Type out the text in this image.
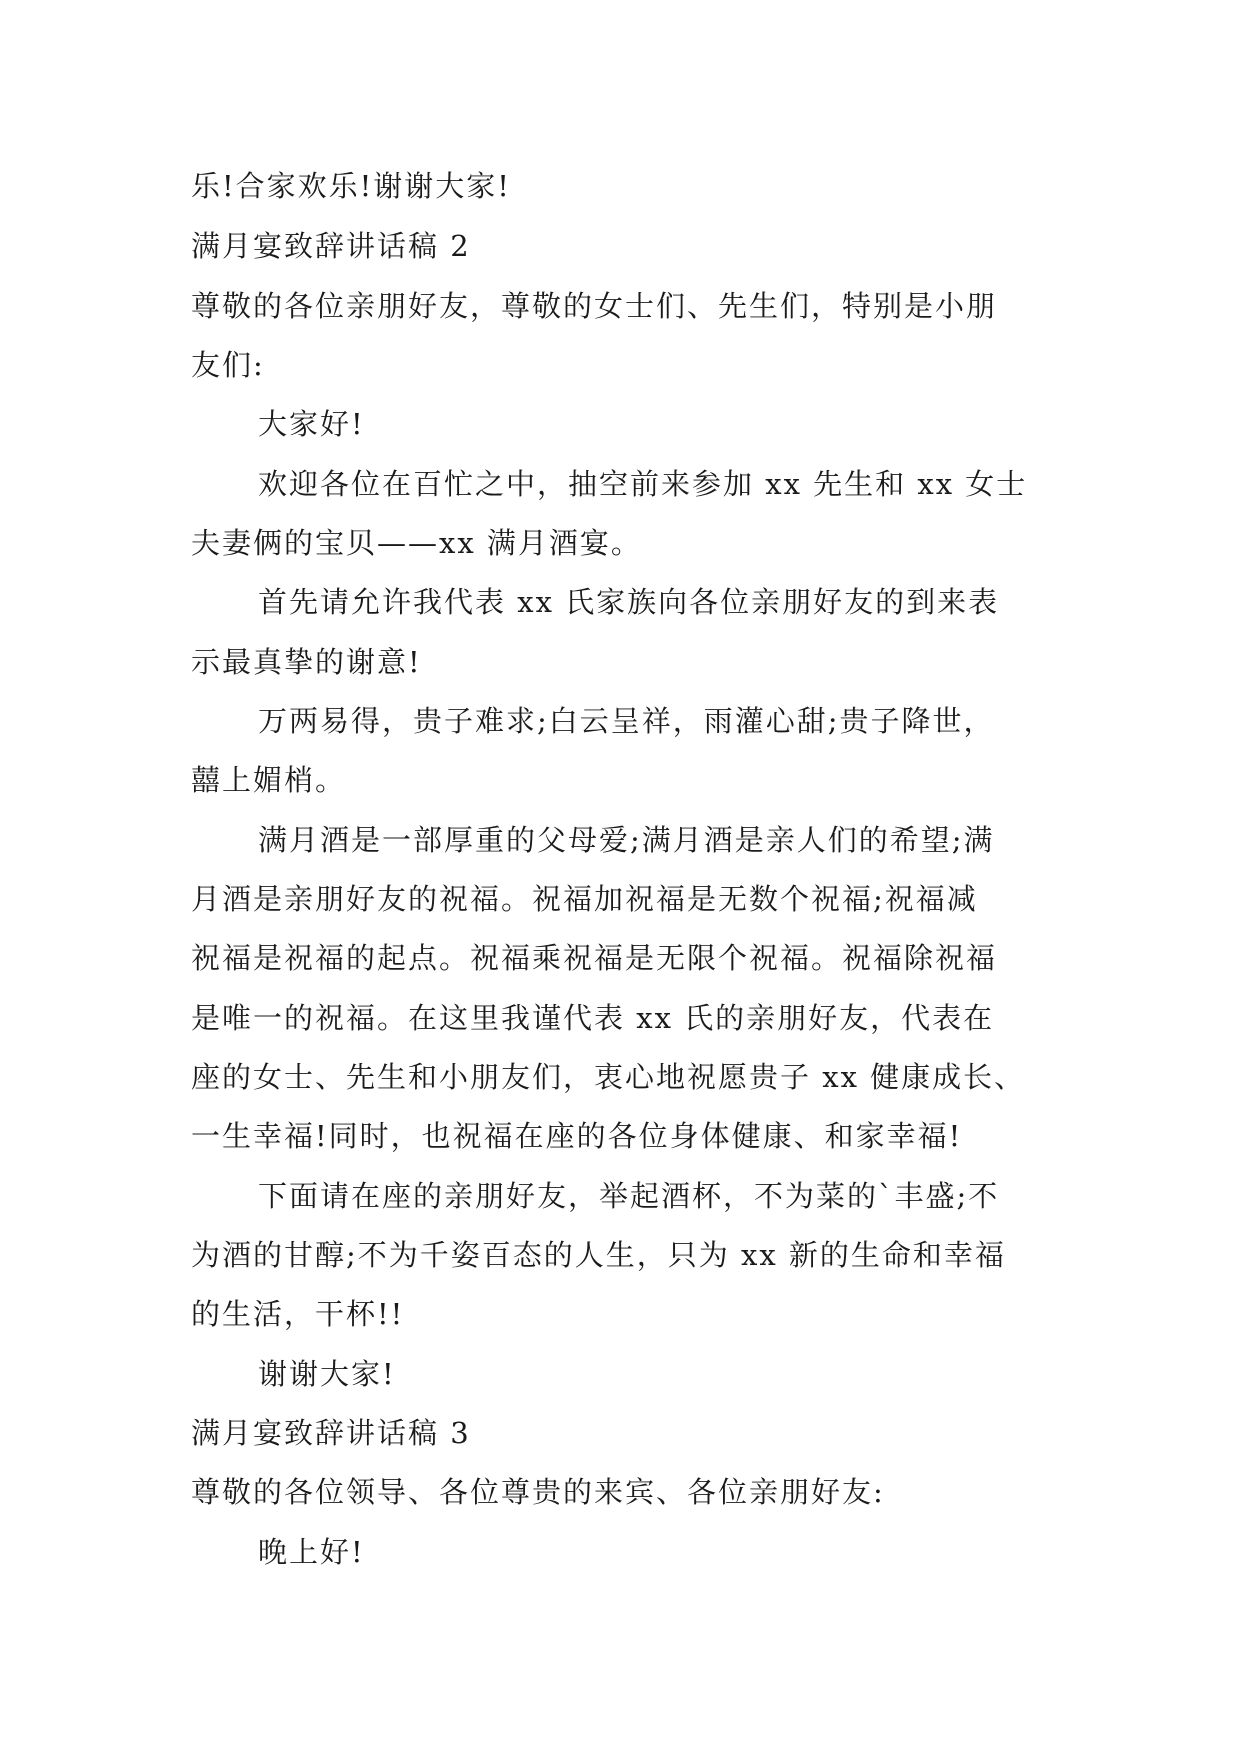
乐!合家欢乐!谢谢大家!
满月宴致辞讲话稿 2
尊敬的各位亲朋好友，尊敬的女士们、先生们，特别是小朋
友们:
大家好!
欢迎各位在百忙之中，抽空前来参加 xx 先生和 xx 女士
夫妻俩的宝贝——xx 满月酒宴。
首先请允许我代表 xx 氏家族向各位亲朋好友的到来表
示最真挚的谢意!
万两易得，贵子难求;白云呈祥，雨灌心甜;贵子降世，
囍上媚梢。
满月酒是一部厚重的父母爱;满月酒是亲人们的希望;满
月酒是亲朋好友的祝福。祝福加祝福是无数个祝福;祝福减
祝福是祝福的起点。祝福乘祝福是无限个祝福。祝福除祝福
是唯一的祝福。在这里我谨代表 xx 氏的亲朋好友，代表在
座的女士、先生和小朋友们，衷心地祝愿贵子 xx 健康成长、
一生幸福!同时，也祝福在座的各位身体健康、和家幸福!
下面请在座的亲朋好友，举起酒杯，不为菜的`丰盛;不
为酒的甘醇;不为千姿百态的人生，只为 xx 新的生命和幸福
的生活，干杯!!
谢谢大家!
满月宴致辞讲话稿 3
尊敬的各位领导、各位尊贵的来宾、各位亲朋好友:
晚上好!
